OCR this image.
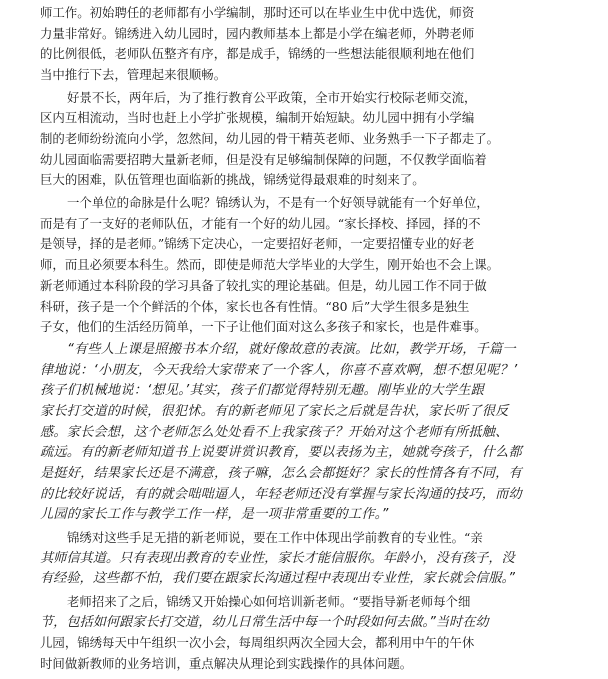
师工作。初始聘任的老师都有小学编制，那时还可以在毕业生中优中选优，师资
力量非常好。锦绣进入幼儿园时，园内教师基本上都是小学在编老师，外聘老师
的比例很低，老师队伍整齐有序，都是成手，锦绣的一些想法能很顺利地在他们
当中推行下去，管理起来很顺畅。
好景不长，两年后，为了推行教育公平政策，全市开始实行校际老师交流，
区内互相流动，当时也赶上小学扩张规模，编制开始短缺。幼儿园中拥有小学编
制的老师纷纷流向小学，忽然间，幼儿园的骨干精英老师、业务熟手一下子都走了。
幼儿园面临需要招聘大量新老师，但是没有足够编制保障的问题，不仅教学面临着
巨大的困难，队伍管理也面临新的挑战，锦绣觉得最艰难的时刻来了。
一个单位的命脉是什么呢？锦绣认为，不是有一个好领导就能有一个好单位，
而是有了一支好的老师队伍，才能有一个好的幼儿园。“家长择校、择园，择的不
是领导，择的是老师。”锦绣下定决心，一定要招好老师，一定要招懂专业的好老
师，而且必须要本科生。然而，即使是师范大学毕业的大学生，刚开始也不会上课。
新老师通过本科阶段的学习具备了较扎实的理论基础。但是，幼儿园工作不同于做
科研，孩子是一个个鲜活的个体，家长也各有性情。“80 后”大学生很多是独生
子女，他们的生活经历简单，一下子让他们面对这么多孩子和家长，也是件难事。
“有些人上课是照搬书本介绍，就好像故意的表演。比如，教学开场，千篇一
律地说：‘小朋友，今天我给大家带来了一个客人，你喜不喜欢啊，想不想见呢？’
孩子们机械地说：‘想见。’其实，孩子们都觉得特别无趣。刚毕业的大学生跟
家长打交道的时候，很犯怵。有的新老师见了家长之后就是告状，家长听了很反
感。家长会想，这个老师怎么处处看不上我家孩子？开始对这个老师有所抵触、
疏远。有的新老师知道书上说要讲赏识教育，要以表扬为主，她就夸孩子，什么都
是挺好，结果家长还是不满意，孩子嘛，怎么会都挺好？家长的性情各有不同，有
的比较好说话，有的就会咄咄逼人，年轻老师还没有掌握与家长沟通的技巧，而幼
儿园的家长工作与教学工作一样，是一项非常重要的工作。”
锦绣对这些手足无措的新老师说，要在工作中体现出学前教育的专业性。“亲
其师信其道。只有表现出教育的专业性，家长才能信服你。年龄小，没有孩子，没
有经验，这些都不怕，我们要在跟家长沟通过程中表现出专业性，家长就会信服。”
老师招来了之后，锦绣又开始操心如何培训新老师。“要指导新老师每个细
节，包括如何跟家长打交道，幼儿日常生活中每一个时段如何去做。”当时在幼
儿园，锦绣每天中午组织一次小会，每周组织两次全园大会，都利用中午的午休
时间做新教师的业务培训，重点解决从理论到实践操作的具体问题。
